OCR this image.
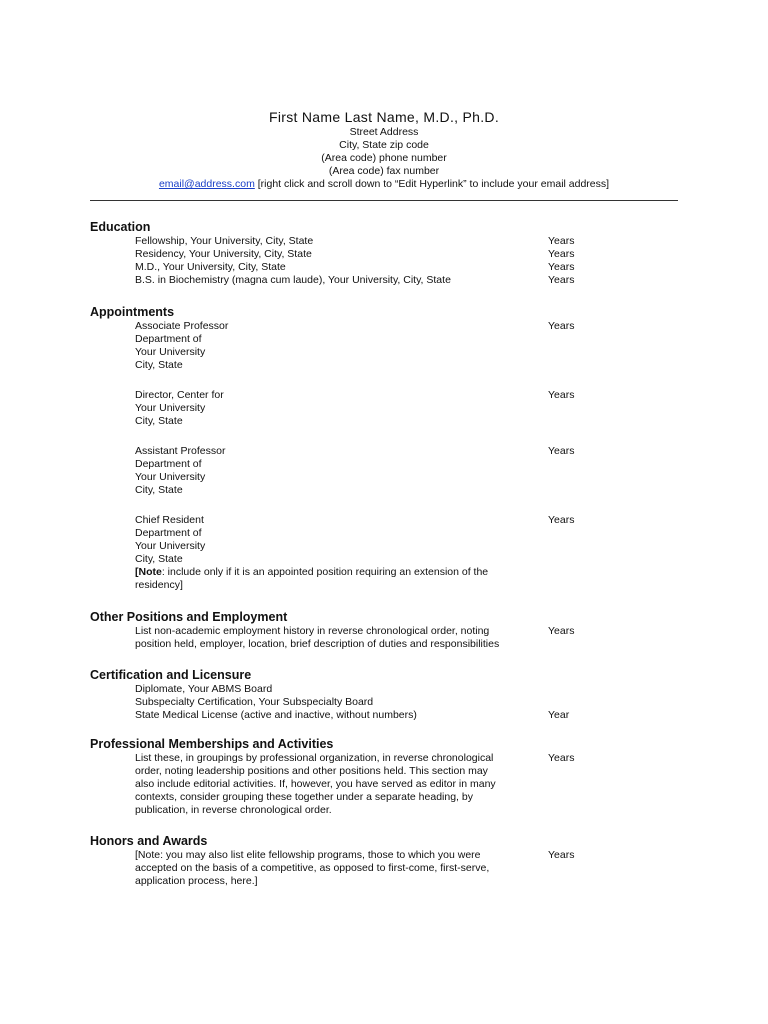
First Name Last Name, M.D., Ph.D.
Street Address
City, State zip code
(Area code) phone number
(Area code) fax number
email@address.com [right click and scroll down to “Edit Hyperlink” to include your email address]
Education
Fellowship, Your University, City, State	Years
Residency, Your University, City, State	Years
M.D., Your University, City, State	Years
B.S. in Biochemistry (magna cum laude), Your University, City, State	Years
Appointments
Associate Professor	Years
Department of
Your University
City, State
Director, Center for	Years
Your University
City, State
Assistant Professor	Years
Department of
Your University
City, State
Chief Resident	Years
Department of
Your University
City, State
[Note: include only if it is an appointed position requiring an extension of the
residency]
Other Positions and Employment
List non-academic employment history in reverse chronological order, noting	Years
position held, employer, location, brief description of duties and responsibilities
Certification and Licensure
Diplomate, Your ABMS Board
Subspecialty Certification, Your Subspecialty Board
State Medical License (active and inactive, without numbers)	Year
Professional Memberships and Activities
List these, in groupings by professional organization, in reverse chronological	Years
order, noting leadership positions and other positions held. This section may
also include editorial activities. If, however, you have served as editor in many
contexts, consider grouping these together under a separate heading, by
publication, in reverse chronological order.
Honors and Awards
[Note: you may also list elite fellowship programs, those to which you were	Years
accepted on the basis of a competitive, as opposed to first-come, first-serve,
application process, here.]
